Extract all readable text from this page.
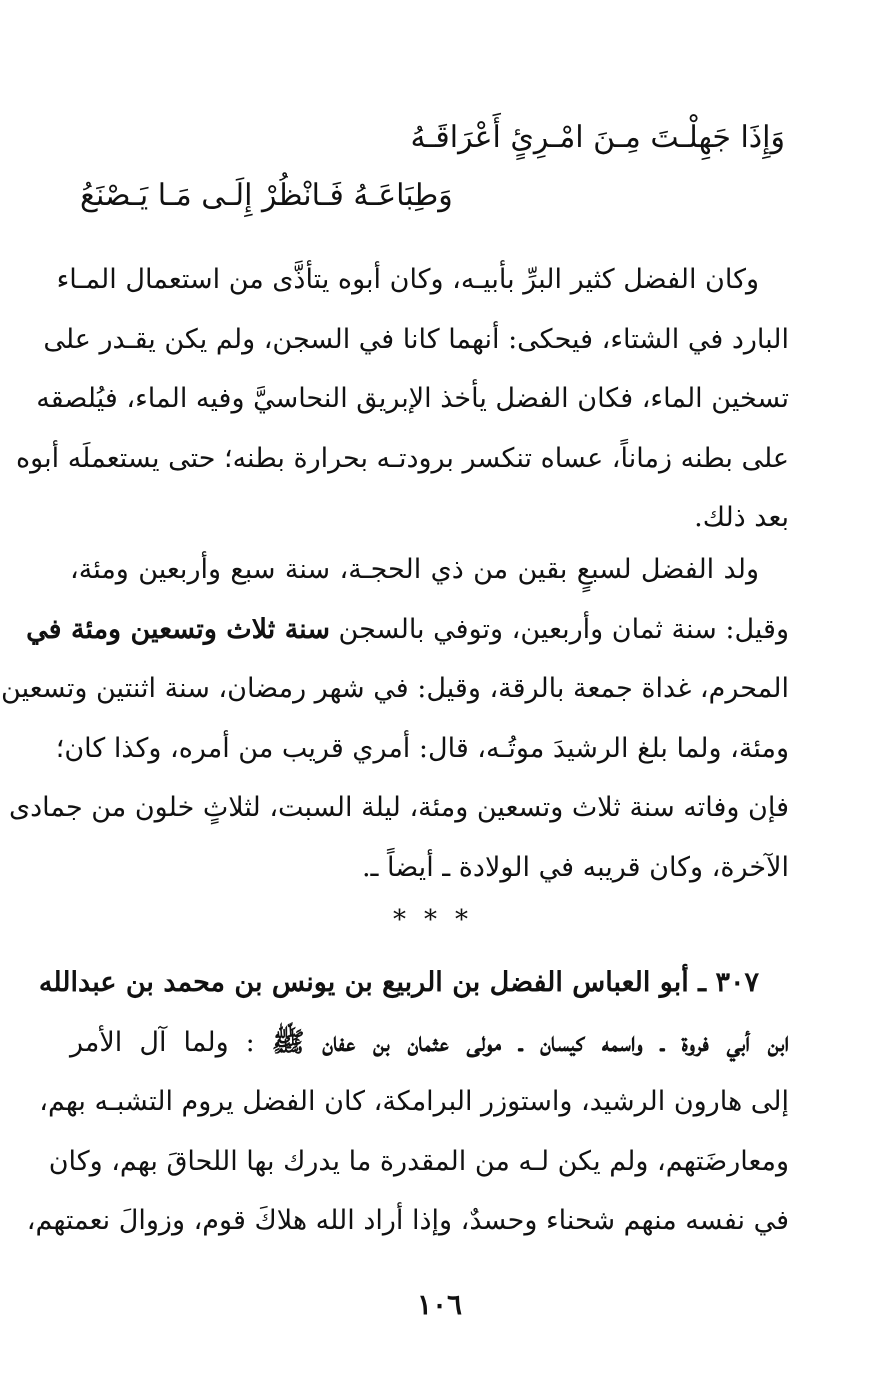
وَإِذَا جَهِلْـتَ مِـنَ امْـرِئٍ أَعْرَاقَـهُ
وَطِبَاعَـهُ فَـانْظُرْ إِلَـى مَـا يَـصْنَعُ
وكان الفضل كثير البرِّ بأبيـه، وكان أبوه يتأذَّى من استعمال المـاء
البارد في الشتاء، فيحكى: أنهما كانا في السجن، ولم يكن يقـدر على
تسخين الماء، فكان الفضل يأخذ الإبريق النحاسيَّ وفيه الماء، فيُلصقه
على بطنه زماناً، عساه تنكسر برودتـه بحرارة بطنه؛ حتى يستعملَه أبوه
بعد ذلك.
ولد الفضل لسبعٍ بقين من ذي الحجـة، سنة سبع وأربعين ومئة،
وقيل: سنة ثمان وأربعين، وتوفي بالسجن سنة ثلاث وتسعين ومئة في
المحرم، غداة جمعة بالرقة، وقيل: في شهر رمضان، سنة اثنتين وتسعين
ومئة، ولما بلغ الرشيدَ موتُـه، قال: أمري قريب من أمره، وكذا كان؛
فإن وفاته سنة ثلاث وتسعين ومئة، ليلة السبت، لثلاثٍ خلون من جمادى
الآخرة، وكان قريبه في الولادة ـ أيضاً ـ.
***
٣٠٧ ـ أبو العباس الفضل بن الربيع بن يونس بن محمد بن عبدالله
ابن أبي فروة ـ واسمه كيسان ـ مولى عثمان بن عفان ﷺ : ولما آل الأمر
إلى هارون الرشيد، واستوزر البرامكة، كان الفضل يروم التشبـه بهم،
ومعارضَتهم، ولم يكن لـه من المقدرة ما يدرك بها اللحاقَ بهم، وكان
في نفسه منهم شحناء وحسدٌ، وإذا أراد الله هلاكَ قوم، وزوالَ نعمتهم،
١٠٦
